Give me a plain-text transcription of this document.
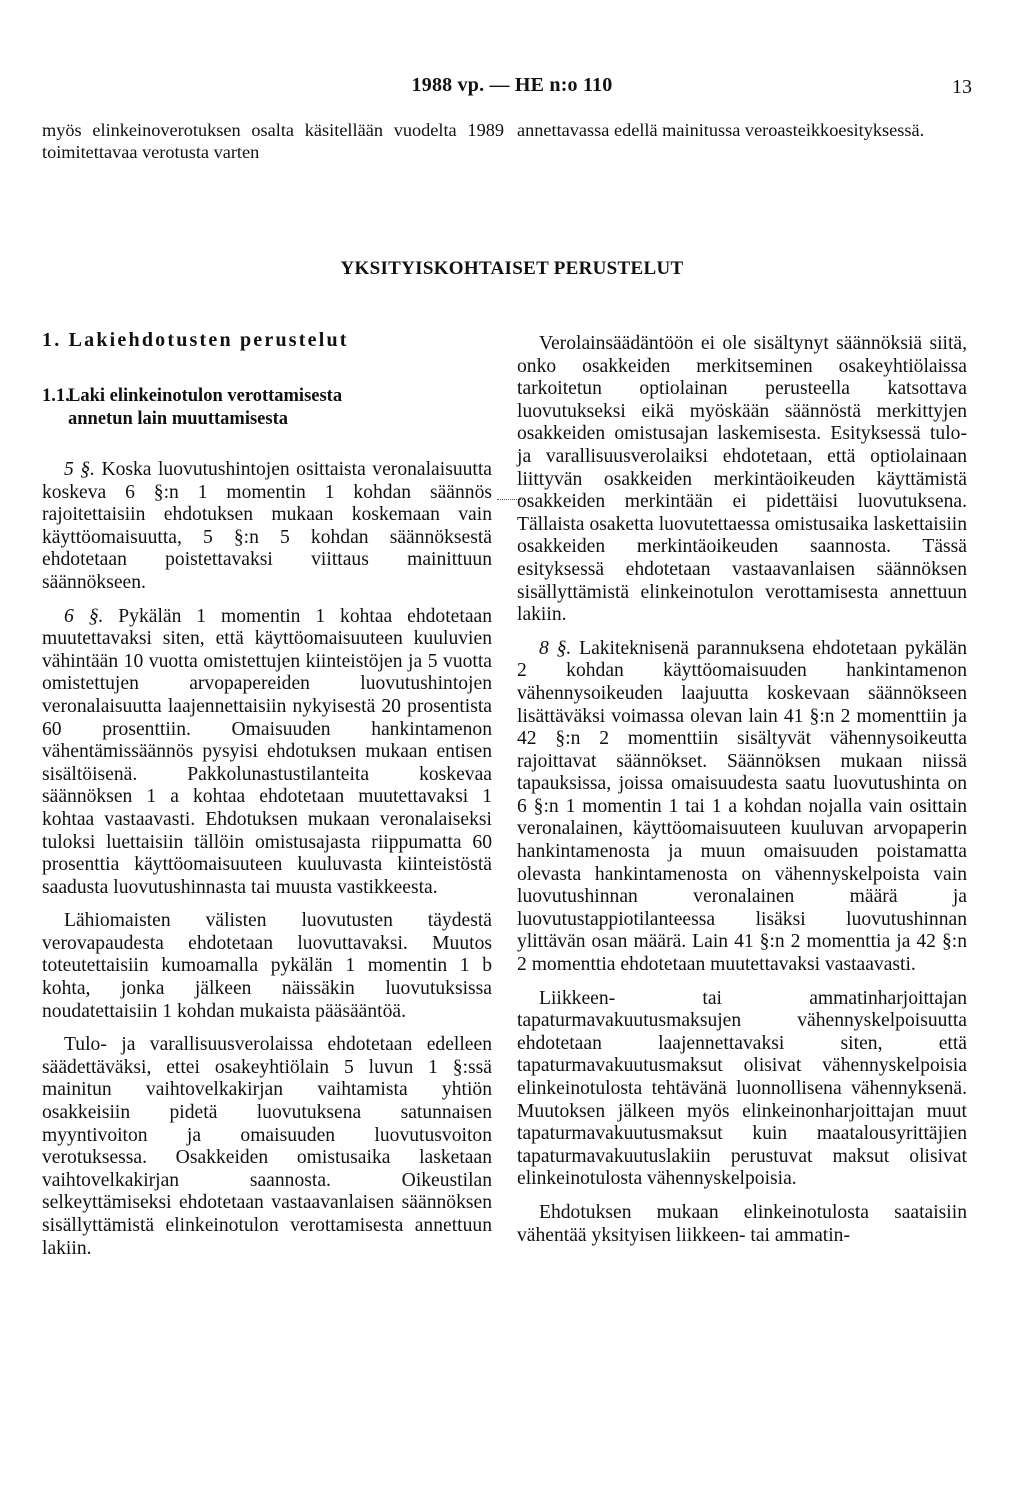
1988 vp. — HE n:o 110	13
myös elinkeinoverotuksen osalta käsitellään vuodelta 1989 toimitettavaa verotusta varten
annettavassa edellä mainitussa veroasteikkoesityksessä.
YKSITYISKOHTAISET PERUSTELUT
1. Lakiehdotusten perustelut
1.1.Laki elinkeinotulon verottamisesta
annetun lain muuttamisesta

5 §. Koska luovutushintojen osittaista veronalaisuutta koskeva 6 §:n 1 momentin 1 kohdan säännös rajoitettaisiin ehdotuksen mukaan koskemaan vain käyttöomaisuutta, 5 §:n 5 kohdan säännöksestä ehdotetaan poistettavaksi viittaus mainittuun säännökseen.

6 §. Pykälän 1 momentin 1 kohtaa ehdotetaan muutettavaksi siten, että käyttöomaisuuteen kuuluvien vähintään 10 vuotta omistettujen kiinteistöjen ja 5 vuotta omistettujen arvopapereiden luovutushintojen veronalaisuutta laajennettaisiin nykyisestä 20 prosentista 60 prosenttiin. Omaisuuden hankintamenon vähentämissäännös pysyisi ehdotuksen mukaan entisen sisältöisenä. Pakkolunastustilanteita koskevaa säännöksen 1 a kohtaa ehdotetaan muutettavaksi 1 kohtaa vastaavasti. Ehdotuksen mukaan veronalaiseksi tuloksi luettaisiin tällöin omistusajasta riippumatta 60 prosenttia käyttöomaisuuteen kuuluvasta kiinteistöstä saadusta luovutushinnasta tai muusta vastikkeesta.

Lähiomaisten välisten luovutusten täydestä verovapaudesta ehdotetaan luovuttavaksi. Muutos toteutettaisiin kumoamalla pykälän 1 momentin 1 b kohta, jonka jälkeen näissäkin luovutuksissa noudatettaisiin 1 kohdan mukaista pääsääntöä.

Tulo- ja varallisuusverolaissa ehdotetaan edelleen säädettäväksi, ettei osakeyhtiölain 5 luvun 1 §:ssä mainitun vaihtovelkakirjan vaihtamista yhtiön osakkeisiin pidetä luovutuksena satunnaisen myyntivoiton ja omaisuuden luovutusvoiton verotuksessa. Osakkeiden omistusaika lasketaan vaihtovelkakirjan saannosta. Oikeustilan selkeyttämiseksi ehdotetaan vastaavanlaisen säännöksen sisällyttämistä elinkeinotulon verottamisesta annettuun lakiin.

Verolainsäädäntöön ei ole sisältynyt säännöksiä siitä, onko osakkeiden merkitseminen osakeyhtiölaissa tarkoitetun optiolainan perusteella katsottava luovutukseksi eikä myöskään säännöstä merkittyjen osakkeiden omistusajan laskemisesta. Esityksessä tulo- ja varallisuusverolaiksi ehdotetaan, että optiolainaan liittyvän osakkeiden merkintäoikeuden käyttämistä osakkeiden merkintään ei pidettäisi luovutuksena. Tällaista osaketta luovutettaessa omistusaika laskettaisiin osakkeiden merkintäoikeuden saannosta. Tässä esityksessä ehdotetaan vastaavanlaisen säännöksen sisällyttämistä elinkeinotulon verottamisesta annettuun lakiin.

8 §. Lakiteknisenä parannuksena ehdotetaan pykälän 2 kohdan käyttöomaisuuden hankintamenon vähennysoikeuden laajuutta koskevaan säännökseen lisättäväksi voimassa olevan lain 41 §:n 2 momenttiin ja 42 §:n 2 momenttiin sisältyvät vähennysoikeutta rajoittavat säännökset. Säännöksen mukaan niissä tapauksissa, joissa omaisuudesta saatu luovutushinta on 6 §:n 1 momentin 1 tai 1 a kohdan nojalla vain osittain veronalainen, käyttöomaisuuteen kuuluvan arvopaperin hankintamenosta ja muun omaisuuden poistamatta olevasta hankintamenosta on vähennyskelpoista vain luovutushinnan veronalainen määrä ja luovutustappiotilanteessa lisäksi luovutushinnan ylittävän osan määrä. Lain 41 §:n 2 momenttia ja 42 §:n 2 momenttia ehdotetaan muutettavaksi vastaavasti.

Liikkeen- tai ammatinharjoittajan tapaturmavakuutusmaksujen vähennyskelpoisuutta ehdotetaan laajennettavaksi siten, että tapaturmavakuutusmaksut olisivat vähennyskelpoisia elinkeinotulosta tehtävänä luonnollisena vähennyksenä. Muutoksen jälkeen myös elinkeinonharjoittajan muut tapaturmavakuutusmaksut kuin maatalousyrittäjien tapaturmavakuutuslakiin perustuvat maksut olisivat elinkeinotulosta vähennyskelpoisia.

Ehdotuksen mukaan elinkeinotulosta saataisiin vähentää yksityisen liikkeen- tai ammatin-
